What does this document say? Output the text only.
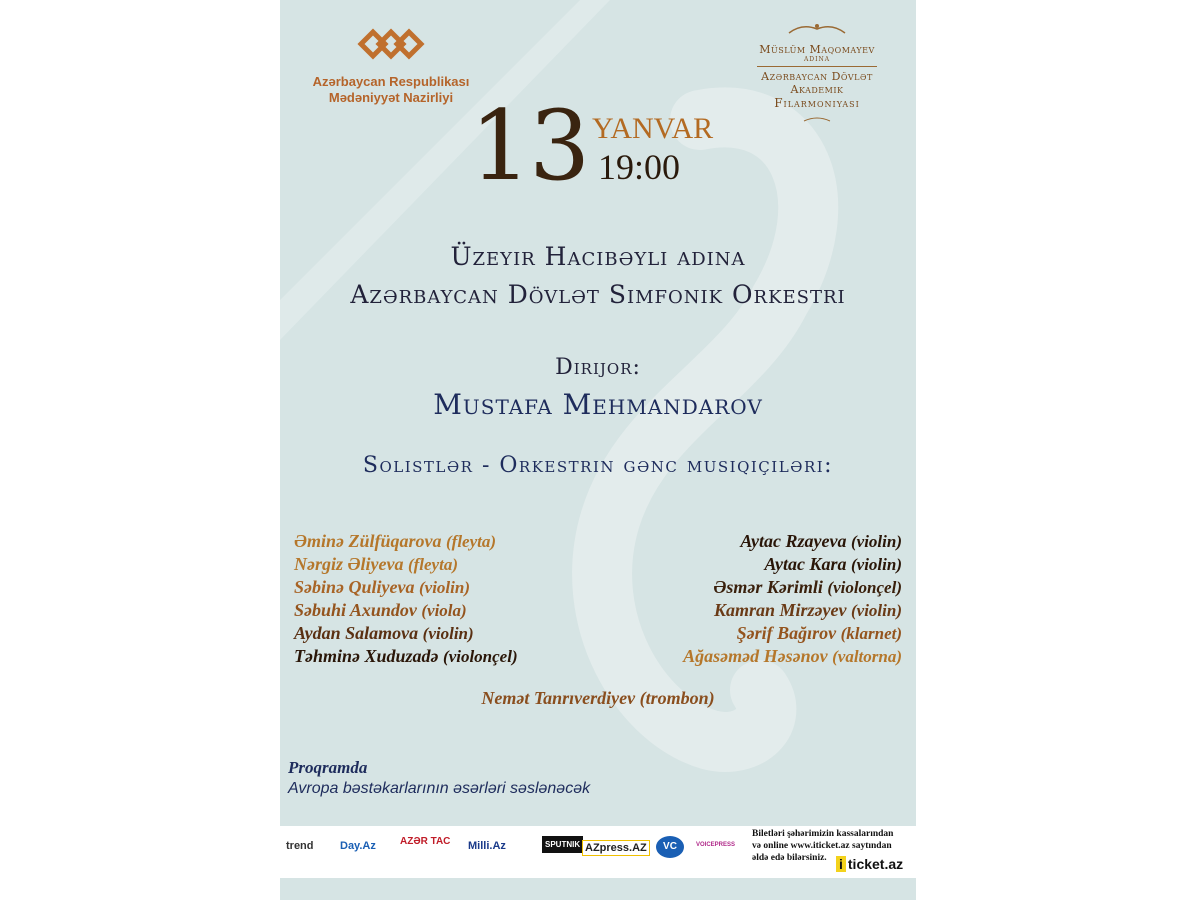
Azərbaycan Respublikası
Mədəniyyət Nazirliyi
Müslüm Maqomayev
ADINA
Azərbaycan Dövlət
Akademik
Filarmoniyası
13 YANVAR
19:00
Üzeyir Hacıbəyli adına
Azərbaycan Dövlət Simfonik Orkestri
Dirijor:
Mustafa Mehmandarov
Solistlər - Orkestrin gənc musiqiçiləri:
Əminə Zülfüqarova (fleyta)
Nərgiz Əliyeva (fleyta)
Səbinə Quliyeva (violin)
Səbuhi Axundov (viola)
Aydan Salamova (violin)
Təhminə Xuduzadə (violonçel)
Aytac Rzayeva (violin)
Aytac Kara (violin)
Əsmər Kərimli (violonçel)
Kamran Mirzəyev (violin)
Şərif Bağırov (klarnet)
Ağasəməd Həsənov (valtorna)
Nemət Tanrıverdiyev (trombon)
Proqramda
Avropa bəstəkarlarının əsərləri səslənəcək
trend Day.Az AZƏR TAC Milli.Az	SPUTNIK AZpress.AZ	VC	VOICEPRESS
Biletləri şəhərimizin kassalarından
və online www.iticket.az saytından
əldə edə bilərsiniz. i ticket.az
